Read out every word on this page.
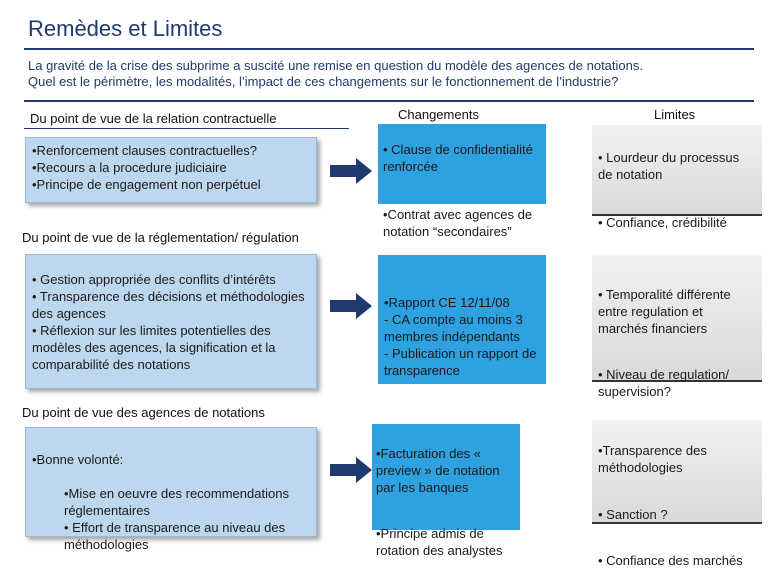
Remèdes et Limites
La gravité de la crise des subprime a suscité une remise en question du modèle des agences de notations.
Quel est le périmètre, les modalités, l’impact de ces changements sur le fonctionnement de l’industrie?
Changements	Limites
Du point de vue de la relation contractuelle
•Renforcement clauses contractuelles?
•Recours a la procedure judiciaire
•Principe de engagement non perpétuel

• Clause de confidentialité renforcée

•Contrat avec agences de notation “secondaires”

• Lourdeur du processus de notation

• Confiance, crédibilité

Du point de vue de la réglementation/ régulation
• Gestion appropriée des conflits d’intérêts
• Transparence des décisions et méthodologies des agences
• Réflexion sur les limites potentielles des modèles des agences, la signification et la comparabilité des notations

•Rapport CE 12/11/08
- CA compte au moins 3 membres indépendants
- Publication un rapport de transparence

• Temporalité différente entre regulation et marchés financiers

• Niveau de regulation/ supervision?

Du point de vue des agences de notations

•Bonne volonté:

•Mise en oeuvre des recommendations réglementaires
• Effort de transparence au niveau des méthodologies

•Facturation des « preview » de notation par les banques

•Principe admis de rotation des analystes

•Transparence des méthodologies

• Sanction ?

• Confiance des marchés
